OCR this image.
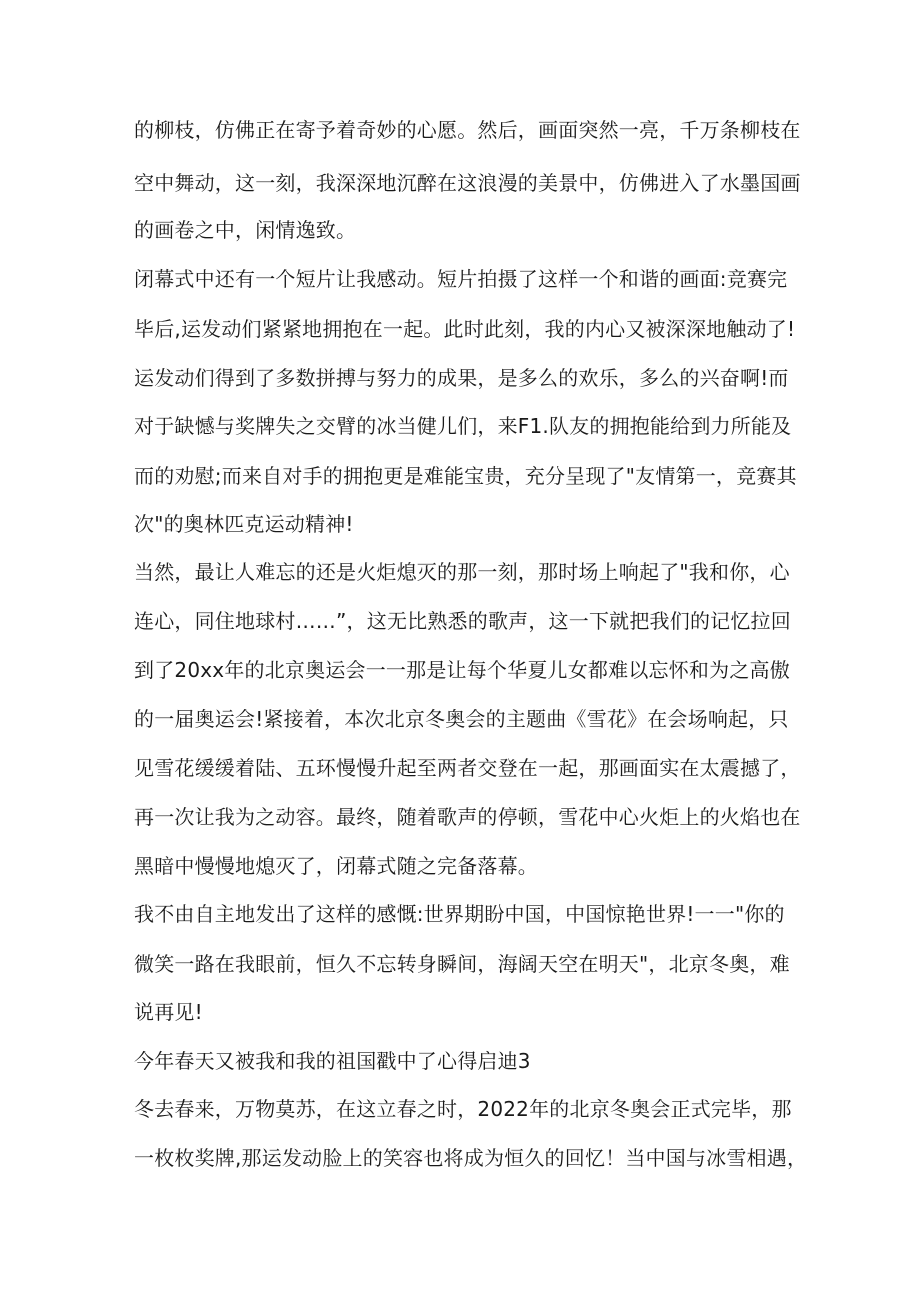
的柳枝，仿佛正在寄予着奇妙的心愿。然后，画面突然一亮，千万条柳枝在
空中舞动，这一刻，我深深地沉醉在这浪漫的美景中，仿佛进入了水墨国画
的画卷之中，闲情逸致。
闭幕式中还有一个短片让我感动。短片拍摄了这样一个和谐的画面:竞赛完
毕后,运发动们紧紧地拥抱在一起。此时此刻，我的内心又被深深地触动了!
运发动们得到了多数拼搏与努力的成果，是多么的欢乐，多么的兴奋啊!而
对于缺憾与奖牌失之交臂的冰当健儿们，来F1.队友的拥抱能给到力所能及
而的劝慰;而来自对手的拥抱更是难能宝贵，充分呈现了"友情第一，竞赛其
次"的奥林匹克运动精神!
当然，最让人难忘的还是火炬熄灭的那一刻，那时场上响起了"我和你，心
连心，同住地球村……”，这无比熟悉的歌声，这一下就把我们的记忆拉回
到了20xx年的北京奥运会一一那是让每个华夏儿女都难以忘怀和为之高傲
的一届奥运会!紧接着，本次北京冬奥会的主题曲《雪花》在会场响起，只
见雪花缓缓着陆、五环慢慢升起至两者交登在一起，那画面实在太震撼了，
再一次让我为之动容。最终，随着歌声的停顿，雪花中心火炬上的火焰也在
黑暗中慢慢地熄灭了，闭幕式随之完备落幕。
我不由自主地发出了这样的感慨:世界期盼中国，中国惊艳世界!一一"你的
微笑一路在我眼前，恒久不忘转身瞬间，海阔天空在明天"，北京冬奥，难
说再见!
今年春天又被我和我的祖国戳中了心得启迪3
冬去春来，万物莫苏，在这立春之时，2022年的北京冬奥会正式完毕，那
一枚枚奖牌,那运发动脸上的笑容也将成为恒久的回忆！当中国与冰雪相遇，
